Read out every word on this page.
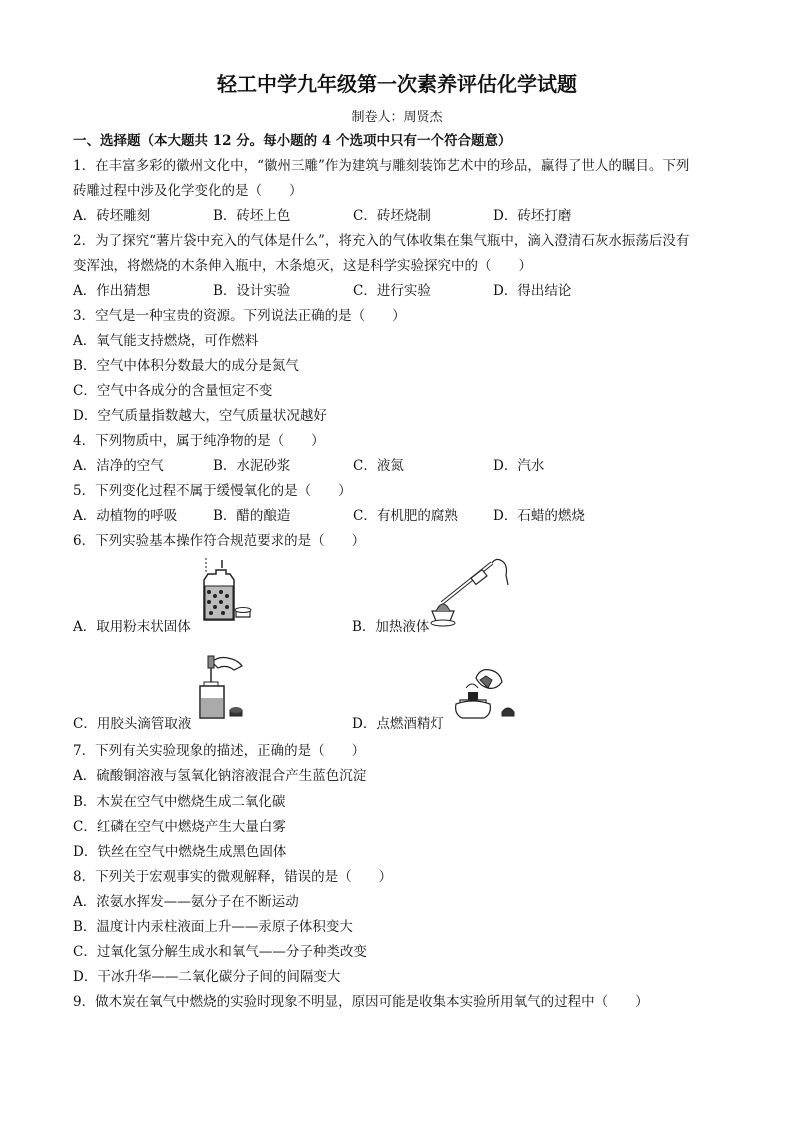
轻工中学九年级第一次素养评估化学试题
制卷人：周贤杰
一、选择题（本大题共 12 分。每小题的 4 个选项中只有一个符合题意）
1．在丰富多彩的徽州文化中，“徽州三雕”作为建筑与雕刻装饰艺术中的珍品，赢得了世人的瞩目。下列
砖雕过程中涉及化学变化的是（　　）
A．砖坯雕刻	B．砖坯上色	C．砖坯烧制	D．砖坯打磨
2．为了探究“薯片袋中充入的气体是什么”，将充入的气体收集在集气瓶中，滴入澄清石灰水振荡后没有
变浑浊，将燃烧的木条伸入瓶中，木条熄灭，这是科学实验探究中的（　　）
A．作出猜想	B．设计实验	C．进行实验	D．得出结论
3．空气是一种宝贵的资源。下列说法正确的是（　　）
A．氧气能支持燃烧，可作燃料
B．空气中体积分数最大的成分是氮气
C．空气中各成分的含量恒定不变
D．空气质量指数越大，空气质量状况越好
4．下列物质中，属于纯净物的是（　　）
A．洁净的空气	B．水泥砂浆	C．液氮	D．汽水
5．下列变化过程不属于缓慢氧化的是（　　）
A．动植物的呼吸	B．醋的酿造	C．有机肥的腐熟	D．石蜡的燃烧
6．下列实验基本操作符合规范要求的是（　　）
A．取用粉末状固体	B．加热液体
C．用胶头滴管取液	D．点燃酒精灯
7．下列有关实验现象的描述，正确的是（　　）
A．硫酸铜溶液与氢氧化钠溶液混合产生蓝色沉淀
B．木炭在空气中燃烧生成二氧化碳
C．红磷在空气中燃烧产生大量白雾
D．铁丝在空气中燃烧生成黑色固体
8．下列关于宏观事实的微观解释，错误的是（　　）
A．浓氨水挥发——氨分子在不断运动
B．温度计内汞柱液面上升——汞原子体积变大
C．过氧化氢分解生成水和氧气——分子种类改变
D．干冰升华——二氧化碳分子间的间隔变大
9．做木炭在氧气中燃烧的实验时现象不明显，原因可能是收集本实验所用氧气的过程中（　　）
